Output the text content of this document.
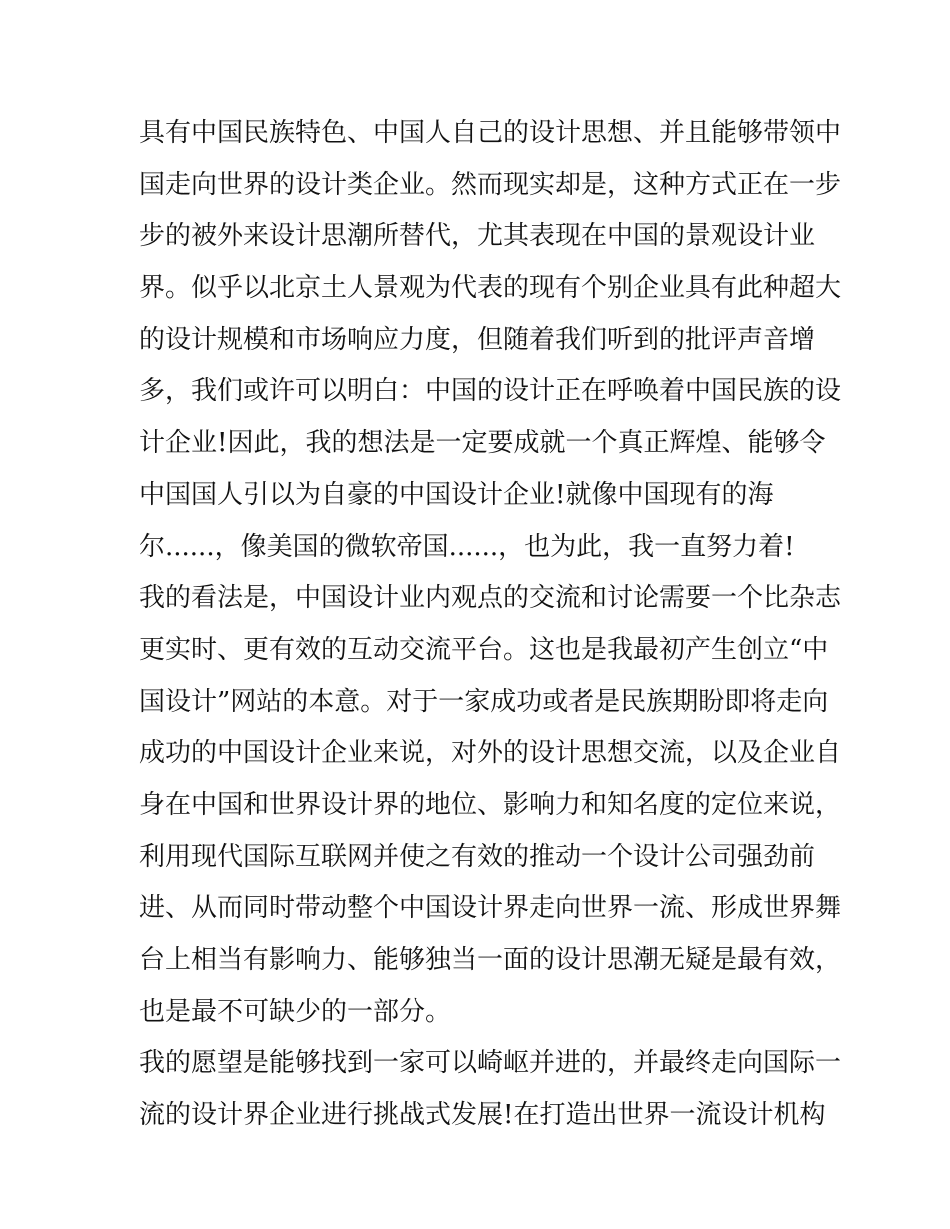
具有中国民族特色、中国人自己的设计思想、并且能够带领中
国走向世界的设计类企业。然而现实却是，这种方式正在一步
步的被外来设计思潮所替代，尤其表现在中国的景观设计业
界。似乎以北京土人景观为代表的现有个别企业具有此种超大
的设计规模和市场响应力度，但随着我们听到的批评声音增
多，我们或许可以明白：中国的设计正在呼唤着中国民族的设
计企业!因此，我的想法是一定要成就一个真正辉煌、能够令
中国国人引以为自豪的中国设计企业!就像中国现有的海
尔......，像美国的微软帝国......，也为此，我一直努力着!
我的看法是，中国设计业内观点的交流和讨论需要一个比杂志
更实时、更有效的互动交流平台。这也是我最初产生创立“中
国设计”网站的本意。对于一家成功或者是民族期盼即将走向
成功的中国设计企业来说，对外的设计思想交流，以及企业自
身在中国和世界设计界的地位、影响力和知名度的定位来说，
利用现代国际互联网并使之有效的推动一个设计公司强劲前
进、从而同时带动整个中国设计界走向世界一流、形成世界舞
台上相当有影响力、能够独当一面的设计思潮无疑是最有效，
也是最不可缺少的一部分。
我的愿望是能够找到一家可以崎岖并进的，并最终走向国际一
流的设计界企业进行挑战式发展!在打造出世界一流设计机构
